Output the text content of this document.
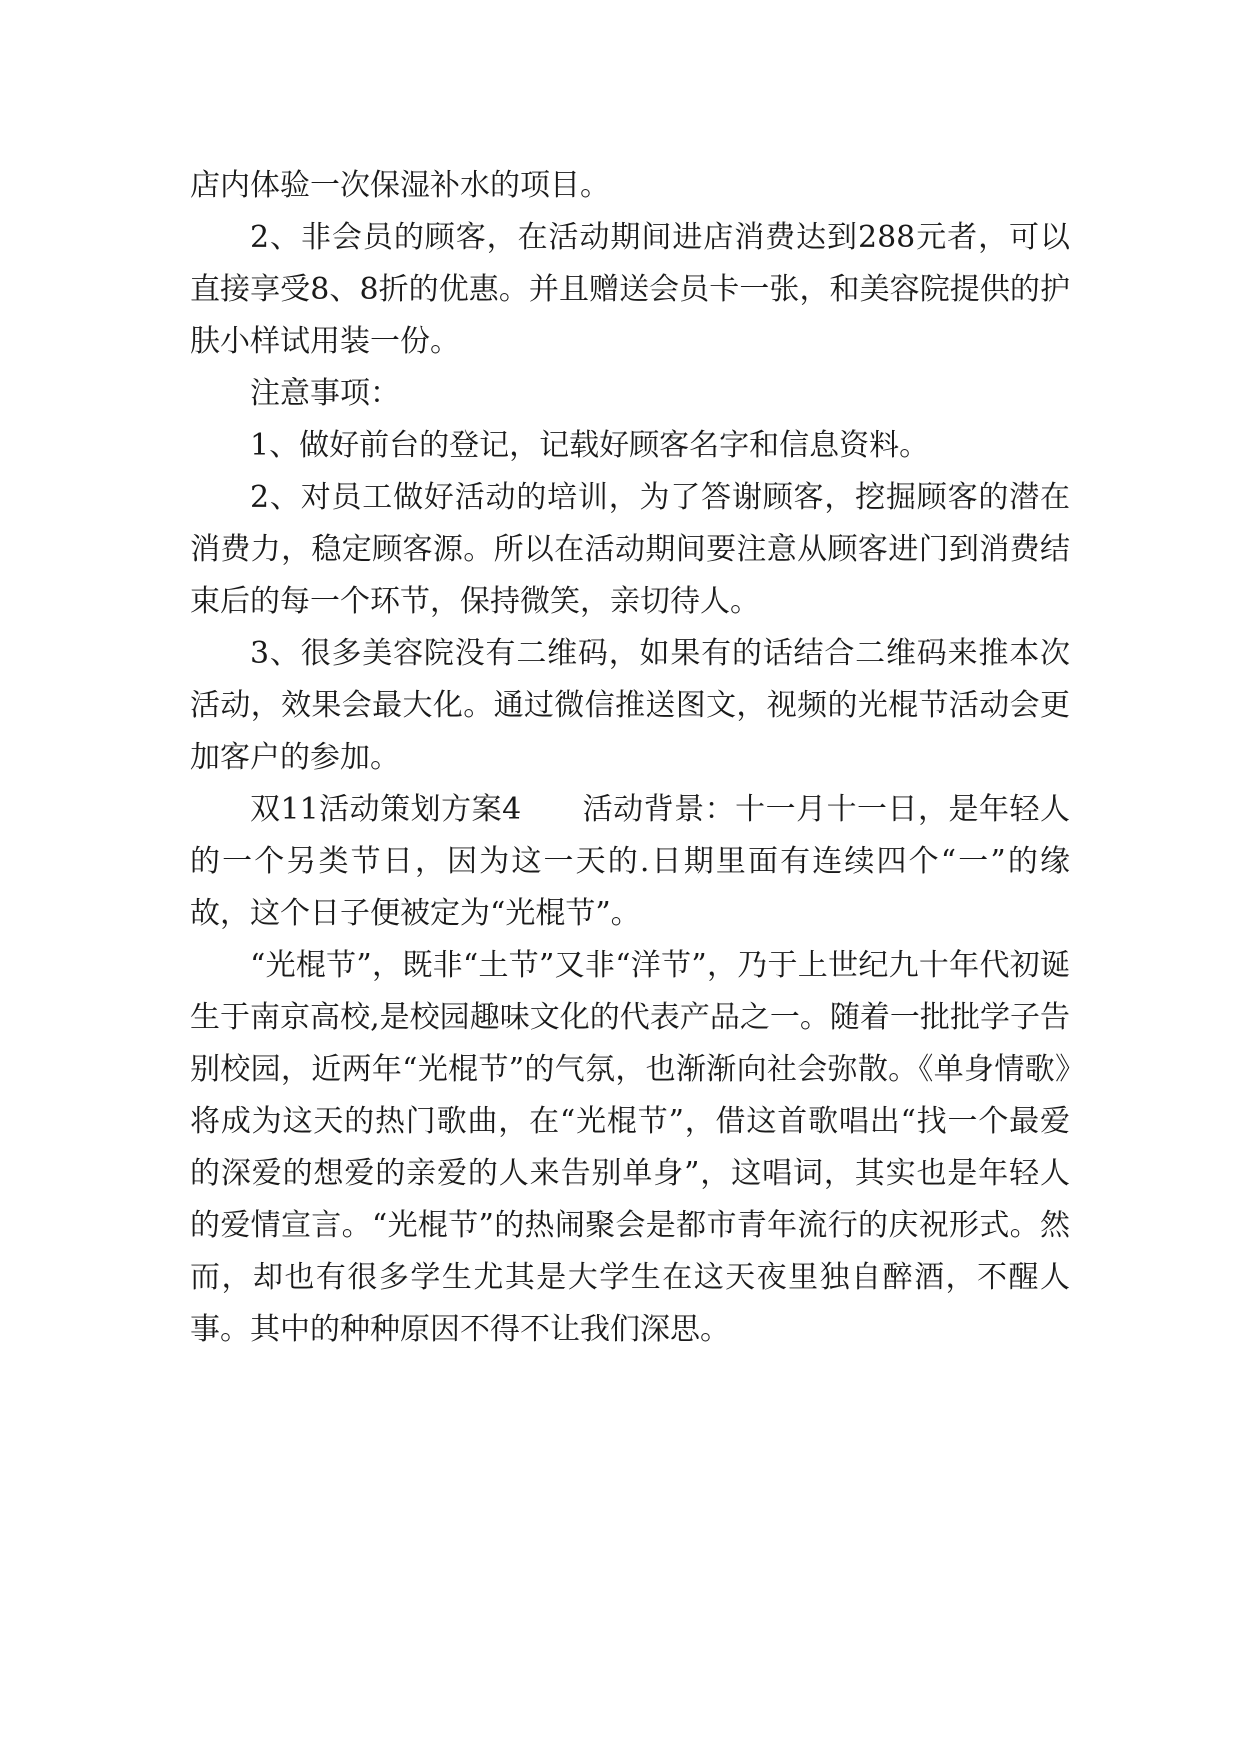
店内体验一次保湿补水的项目。

2、非会员的顾客，在活动期间进店消费达到288元者，可以直接享受8、8折的优惠。并且赠送会员卡一张，和美容院提供的护肤小样试用装一份。

注意事项：

1、做好前台的登记，记载好顾客名字和信息资料。

2、对员工做好活动的培训，为了答谢顾客，挖掘顾客的潜在消费力，稳定顾客源。所以在活动期间要注意从顾客进门到消费结束后的每一个环节，保持微笑，亲切待人。

3、很多美容院没有二维码，如果有的话结合二维码来推本次活动，效果会最大化。通过微信推送图文，视频的光棍节活动会更加客户的参加。

双11活动策划方案4　　活动背景：十一月十一日，是年轻人的一个另类节日，因为这一天的.日期里面有连续四个“一”的缘故，这个日子便被定为“光棍节”。

“光棍节”，既非“土节”又非“洋节”，乃于上世纪九十年代初诞生于南京高校,是校园趣味文化的代表产品之一。随着一批批学子告别校园，近两年“光棍节”的气氛，也渐渐向社会弥散。《单身情歌》将成为这天的热门歌曲，在“光棍节”，借这首歌唱出“找一个最爱的深爱的想爱的亲爱的人来告别单身”，这唱词，其实也是年轻人的爱情宣言。“光棍节”的热闹聚会是都市青年流行的庆祝形式。然而，却也有很多学生尤其是大学生在这天夜里独自醉酒，不醒人事。其中的种种原因不得不让我们深思。
